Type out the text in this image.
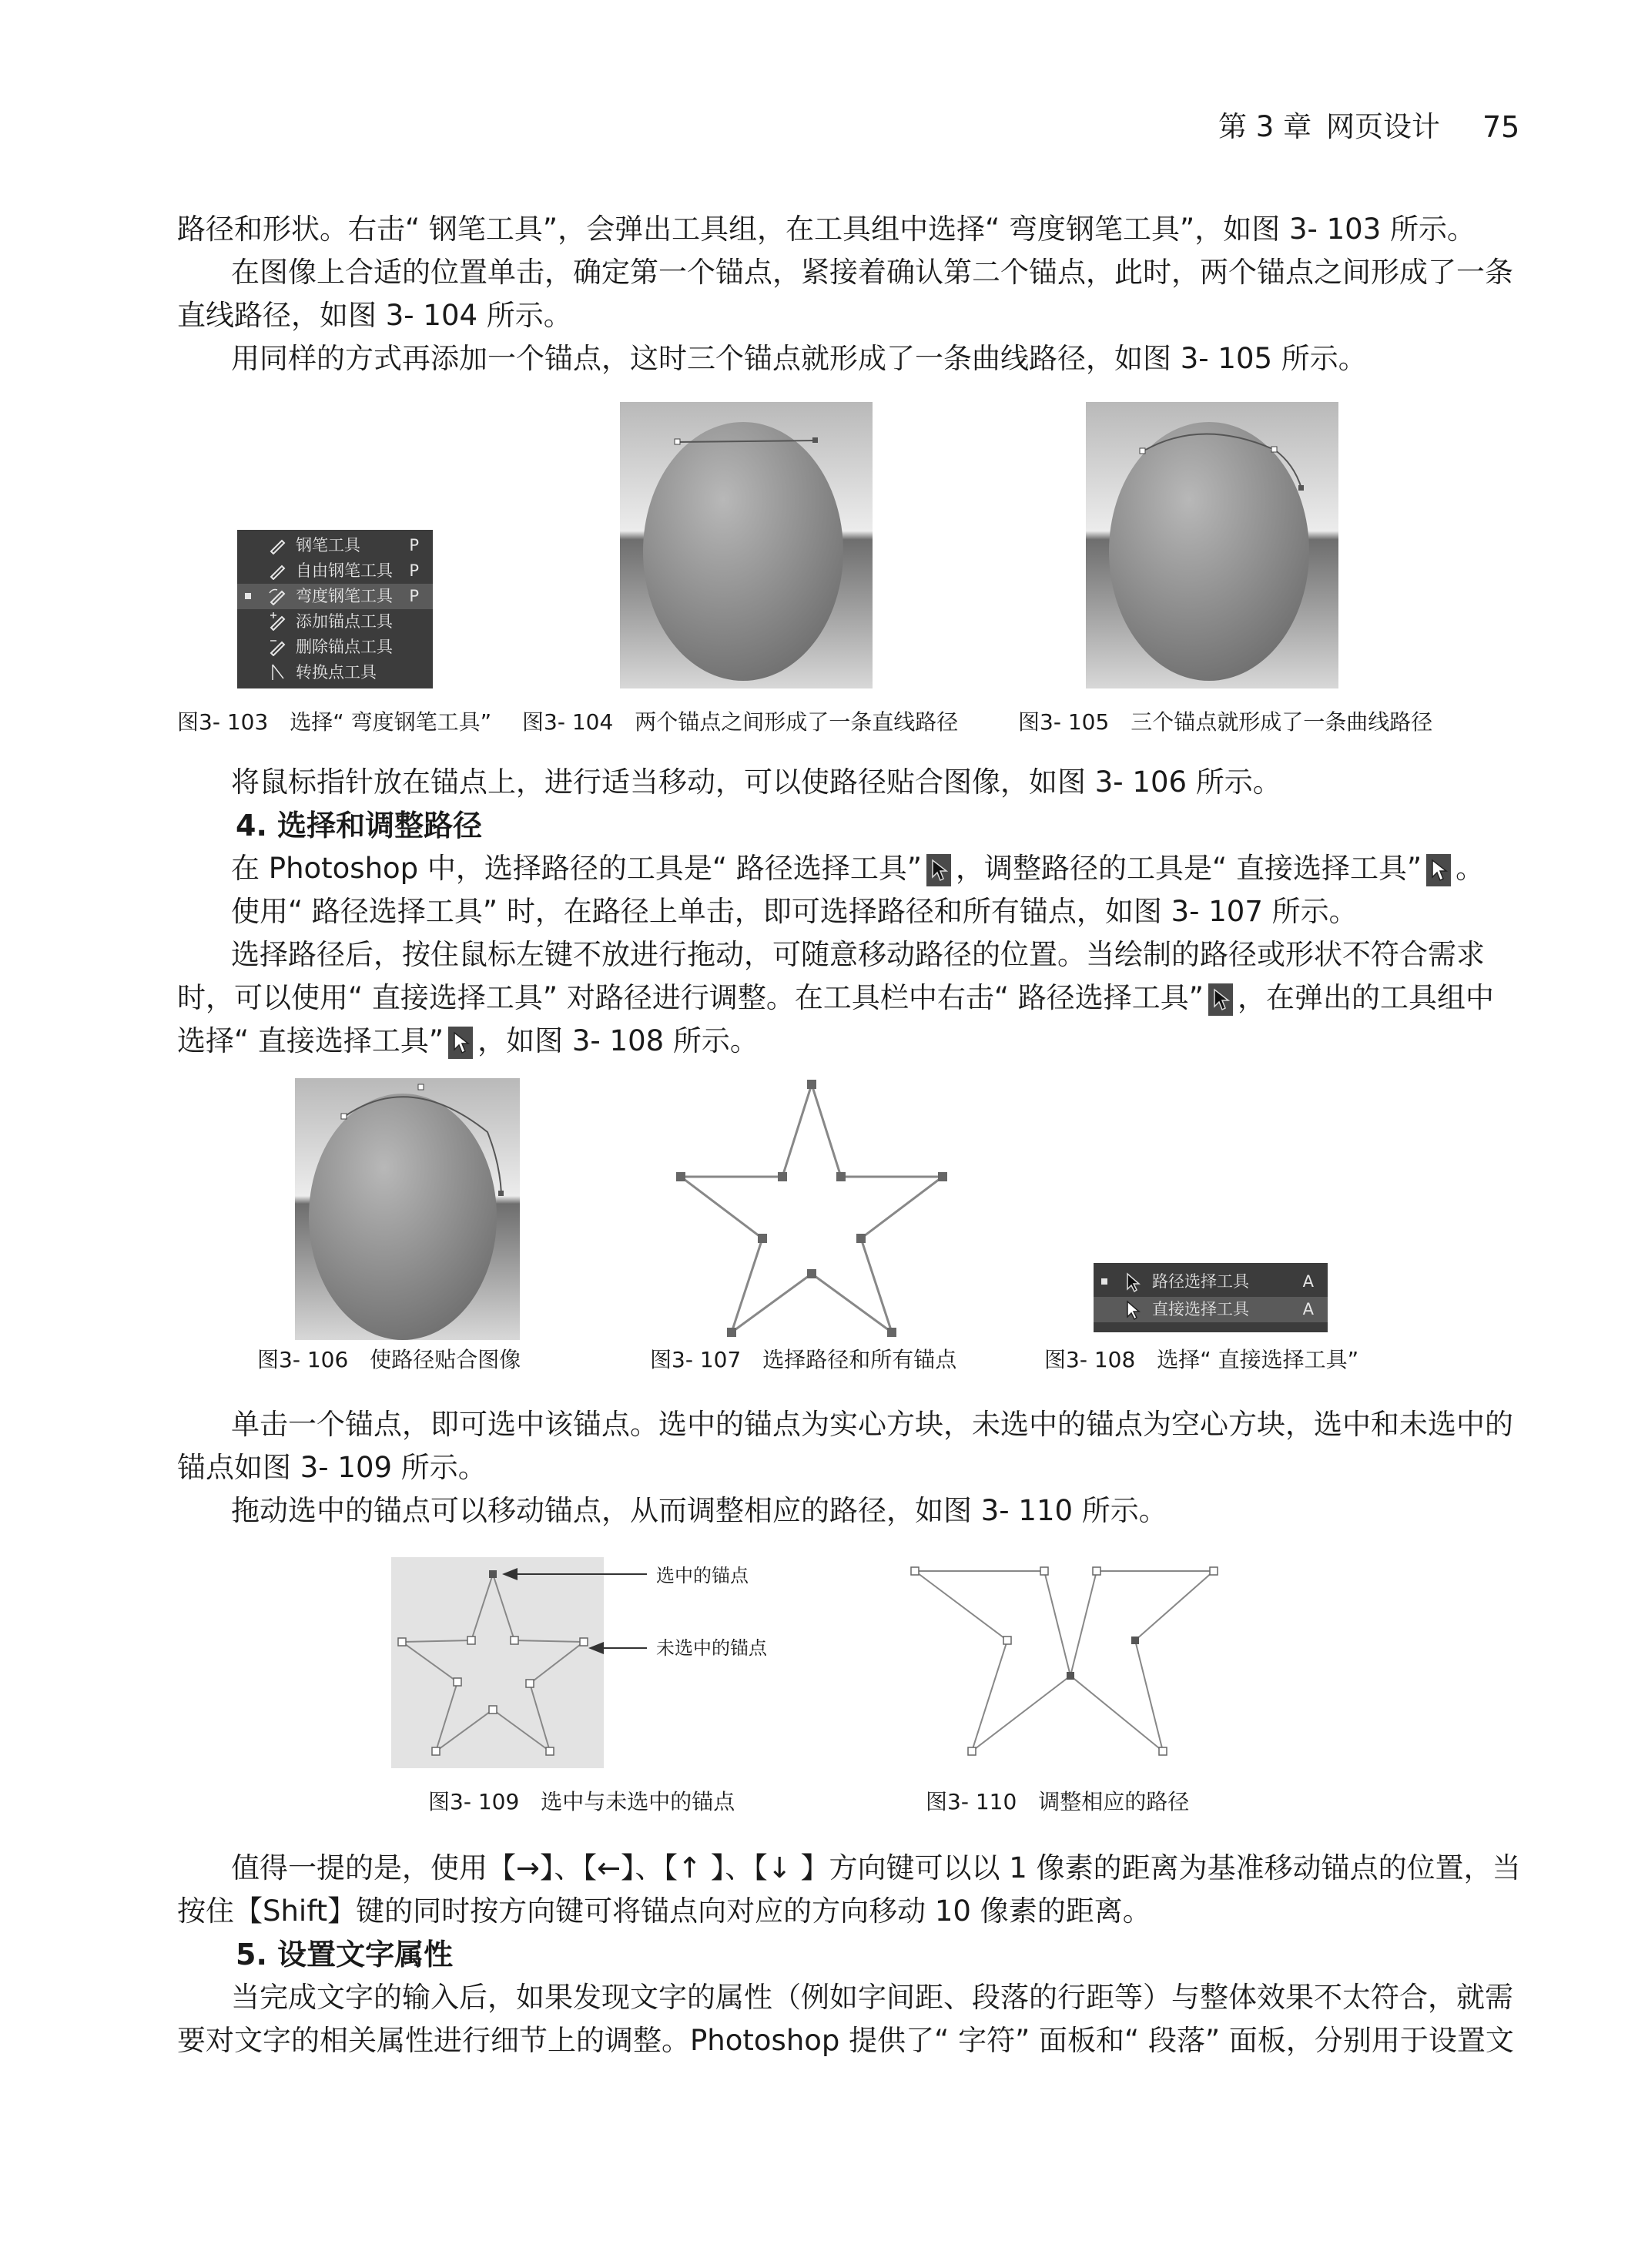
第 3 章 网页设计 75
路径和形状。右击“ 钢笔工具”，会弹出工具组，在工具组中选择“ 弯度钢笔工具”，如图 3- 103 所示。
在图像上合适的位置单击，确定第一个锚点，紧接着确认第二个锚点，此时，两个锚点之间形成了一条
直线路径，如图 3- 104 所示。
用同样的方式再添加一个锚点，这时三个锚点就形成了一条曲线路径，如图 3- 105 所示。
钢笔工具	P
自由钢笔工具 P
弯度钢笔工具 P
添加锚点工具
删除锚点工具
转换点工具
图3- 103　选择“ 弯度钢笔工具” 图3- 104　两个锚点之间形成了一条直线路径	图3- 105　三个锚点就形成了一条曲线路径
将鼠标指针放在锚点上，进行适当移动，可以使路径贴合图像，如图 3- 106 所示。
4. 选择和调整路径
在 Photoshop 中，选择路径的工具是“ 路径选择工具” ，调整路径的工具是“ 直接选择工具” 。
使用“ 路径选择工具” 时，在路径上单击，即可选择路径和所有锚点，如图 3- 107 所示。
选择路径后，按住鼠标左键不放进行拖动，可随意移动路径的位置。当绘制的路径或形状不符合需求
时，可以使用“ 直接选择工具” 对路径进行调整。在工具栏中右击“ 路径选择工具” ，在弹出的工具组中
选择“ 直接选择工具” ，如图 3- 108 所示。
路径选择工具	A
直接选择工具	A
图3- 106　使路径贴合图像	图3- 107　选择路径和所有锚点	图3- 108　选择“ 直接选择工具”
单击一个锚点，即可选中该锚点。选中的锚点为实心方块，未选中的锚点为空心方块，选中和未选中的
锚点如图 3- 109 所示。
拖动选中的锚点可以移动锚点，从而调整相应的路径，如图 3- 110 所示。
选中的锚点
未选中的锚点
图3- 109　选中与未选中的锚点	图3- 110　调整相应的路径
值得一提的是，使用【→】、【←】、【↑ 】、【↓ 】方向键可以以 1 像素的距离为基准移动锚点的位置，当
按住【Shift】键的同时按方向键可将锚点向对应的方向移动 10 像素的距离。
5. 设置文字属性
当完成文字的输入后，如果发现文字的属性（例如字间距、段落的行距等）与整体效果不太符合，就需
要对文字的相关属性进行细节上的调整。Photoshop 提供了“ 字符” 面板和“ 段落” 面板，分别用于设置文
